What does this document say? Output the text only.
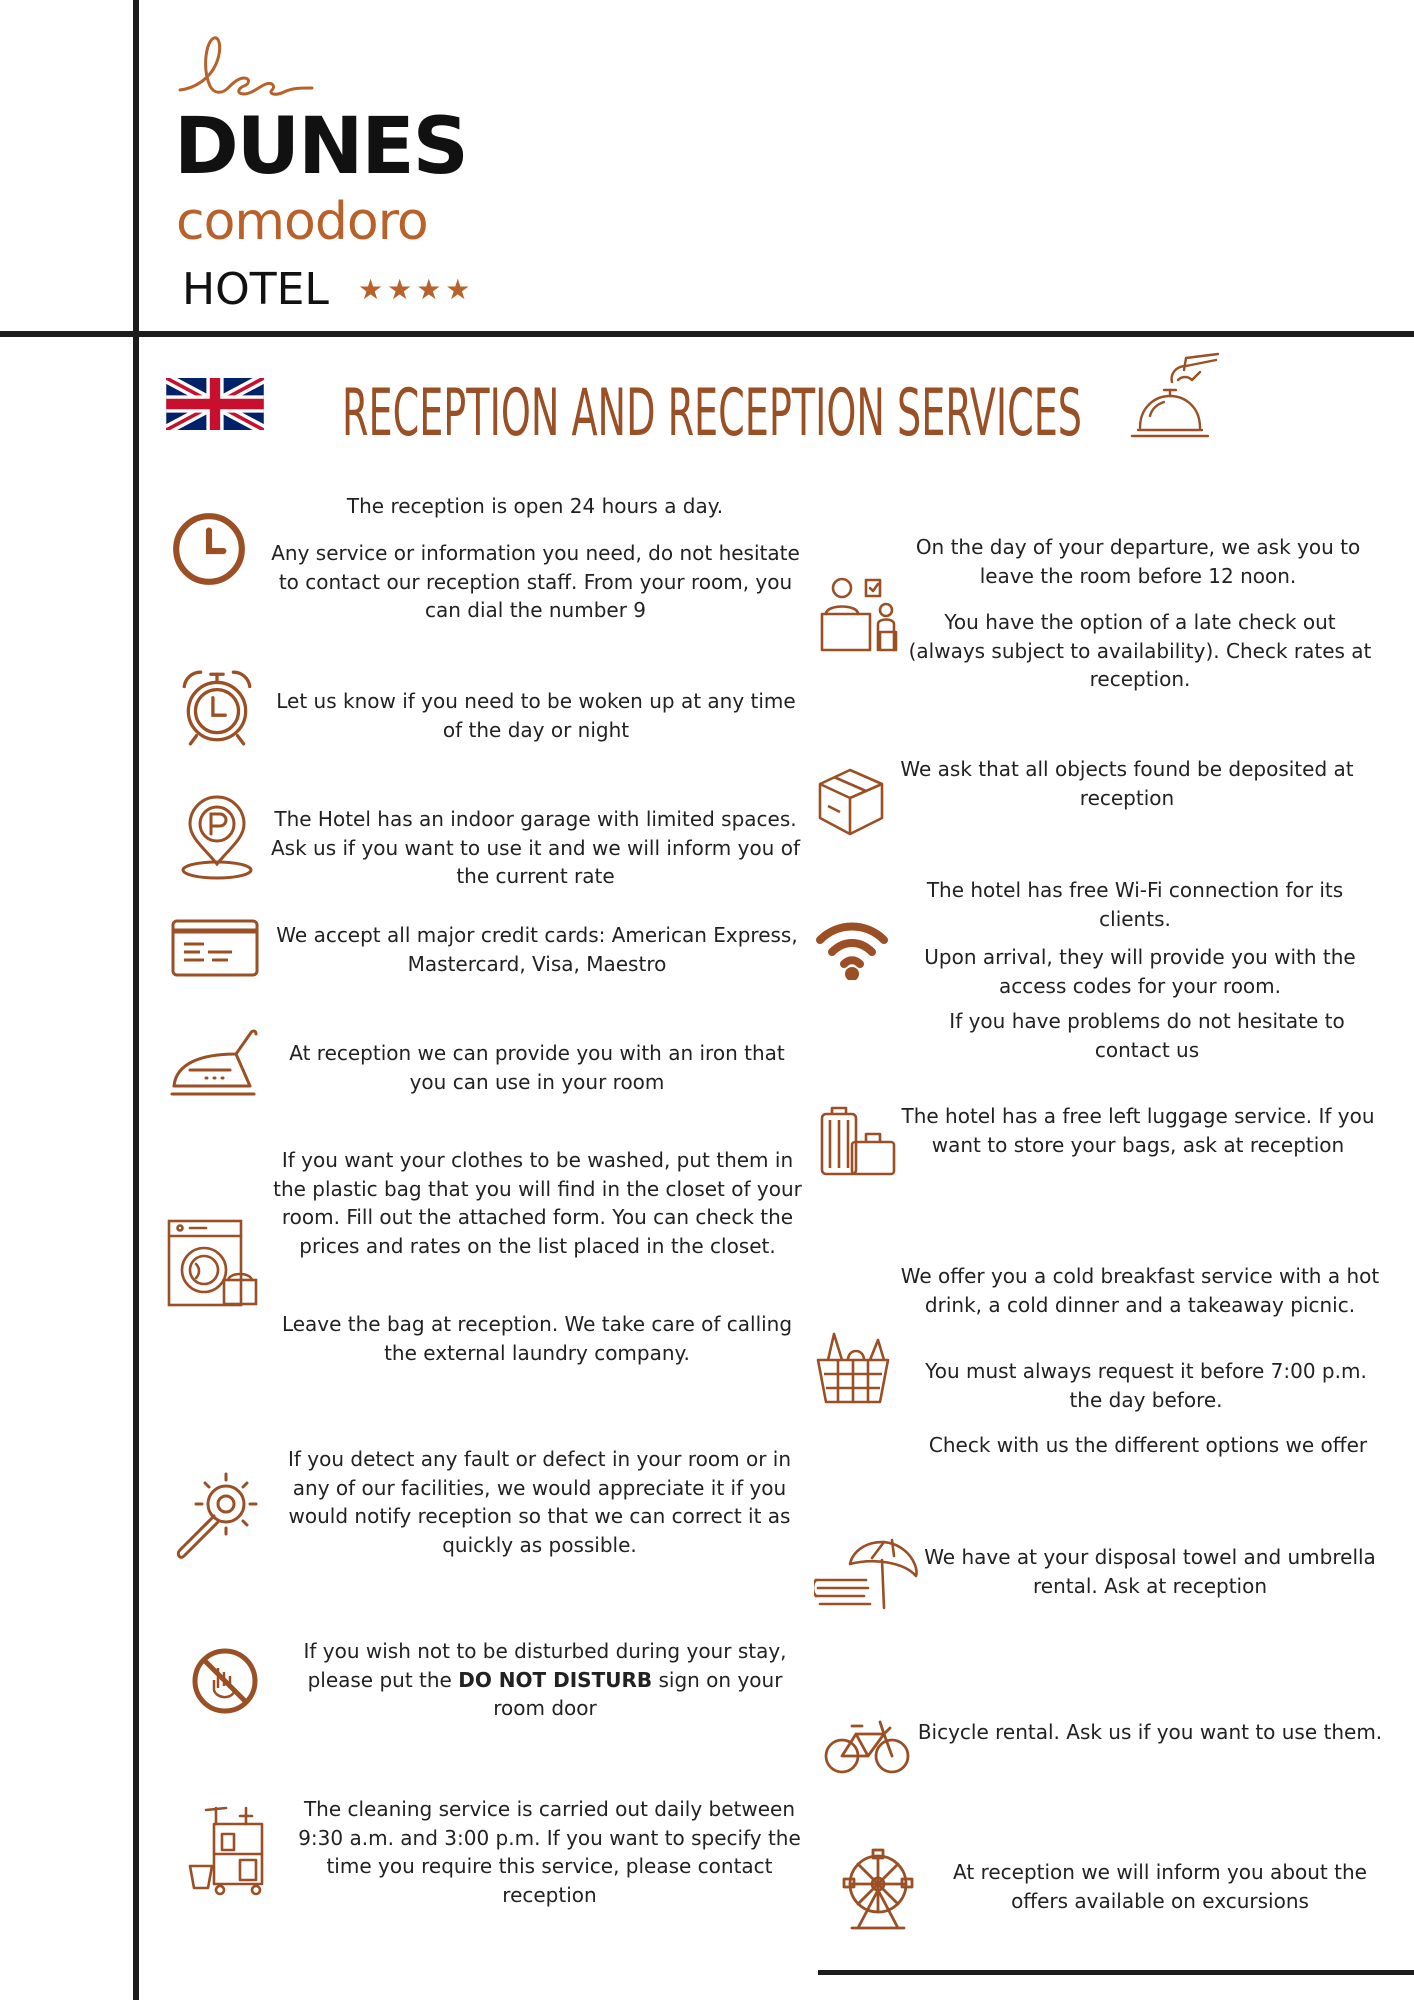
DUNES
comodoro
HOTEL ★★★★
RECEPTION AND RECEPTION SERVICES
The reception is open 24 hours a day.
Any service or information you need, do not hesitate to contact our reception staff. From your room, you can dial the number 9
Let us know if you need to be woken up at any time of the day or night
The Hotel has an indoor garage with limited spaces. Ask us if you want to use it and we will inform you of the current rate
We accept all major credit cards: American Express, Mastercard, Visa, Maestro
At reception we can provide you with an iron that you can use in your room
If you want your clothes to be washed, put them in the plastic bag that you will find in the closet of your room. Fill out the attached form. You can check the prices and rates on the list placed in the closet.
Leave the bag at reception. We take care of calling the external laundry company.
If you detect any fault or defect in your room or in any of our facilities, we would appreciate it if you would notify reception so that we can correct it as quickly as possible.
If you wish not to be disturbed during your stay, please put the DO NOT DISTURB sign on your room door
The cleaning service is carried out daily between 9:30 a.m. and 3:00 p.m. If you want to specify the time you require this service, please contact reception
On the day of your departure, we ask you to leave the room before 12 noon.
You have the option of a late check out (always subject to availability). Check rates at reception.
We ask that all objects found be deposited at reception
The hotel has free Wi-Fi connection for its clients.
Upon arrival, they will provide you with the access codes for your room.
If you have problems do not hesitate to contact us
The hotel has a free left luggage service. If you want to store your bags, ask at reception
We offer you a cold breakfast service with a hot drink, a cold dinner and a takeaway picnic.
You must always request it before 7:00 p.m. the day before.
Check with us the different options we offer
We have at your disposal towel and umbrella rental. Ask at reception
Bicycle rental. Ask us if you want to use them.
At reception we will inform you about the offers available on excursions
